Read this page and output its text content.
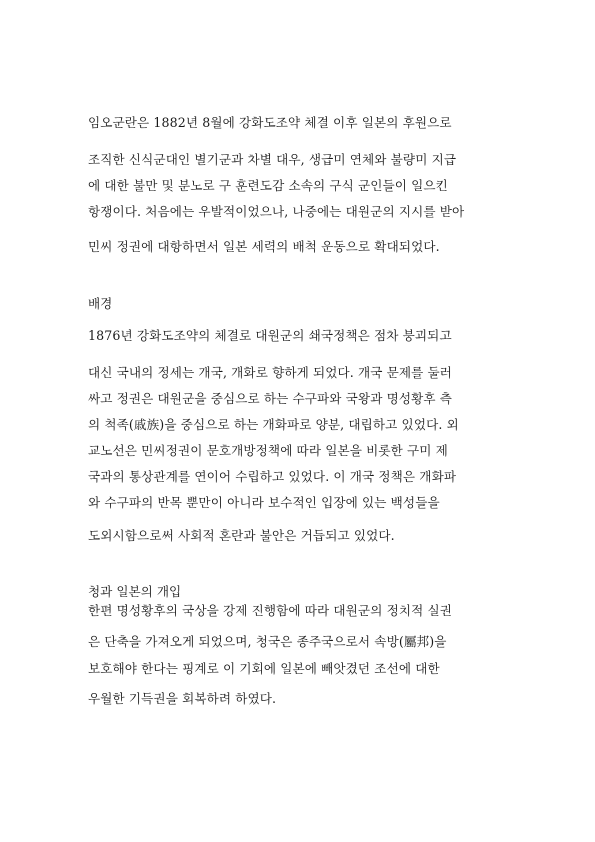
임오군란은 1882년 8월에 강화도조약 체결 이후 일본의 후원으로
조직한 신식군대인 별기군과 차별 대우, 생급미 연체와 불량미 지급
에 대한 불만 및 분노로 구 훈련도감 소속의 구식 군인들이 일으킨
항쟁이다. 처음에는 우발적이었으나, 나중에는 대원군의 지시를 받아
민씨 정권에 대항하면서 일본 세력의 배척 운동으로 확대되었다.
배경
1876년 강화도조약의 체결로 대원군의 쇄국정책은 점차 붕괴되고
대신 국내의 정세는 개국, 개화로 향하게 되었다. 개국 문제를 둘러
싸고 정권은 대원군을 중심으로 하는 수구파와 국왕과 명성황후 측
의 척족(戚族)을 중심으로 하는 개화파로 양분, 대립하고 있었다. 외
교노선은 민씨정권이 문호개방정책에 따라 일본을 비롯한 구미 제
국과의 통상관계를 연이어 수립하고 있었다. 이 개국 정책은 개화파
와 수구파의 반목 뿐만이 아니라 보수적인 입장에 있는 백성들을
도외시함으로써 사회적 혼란과 불안은 거듭되고 있었다.
청과 일본의 개입
한편 명성황후의 국상을 강제 진행함에 따라 대원군의 정치적 실권
은 단축을 가져오게 되었으며, 청국은 종주국으로서 속방(屬邦)을
보호해야 한다는 핑계로 이 기회에 일본에 빼앗겼던 조선에 대한
우월한 기득권을 회복하려 하였다.
